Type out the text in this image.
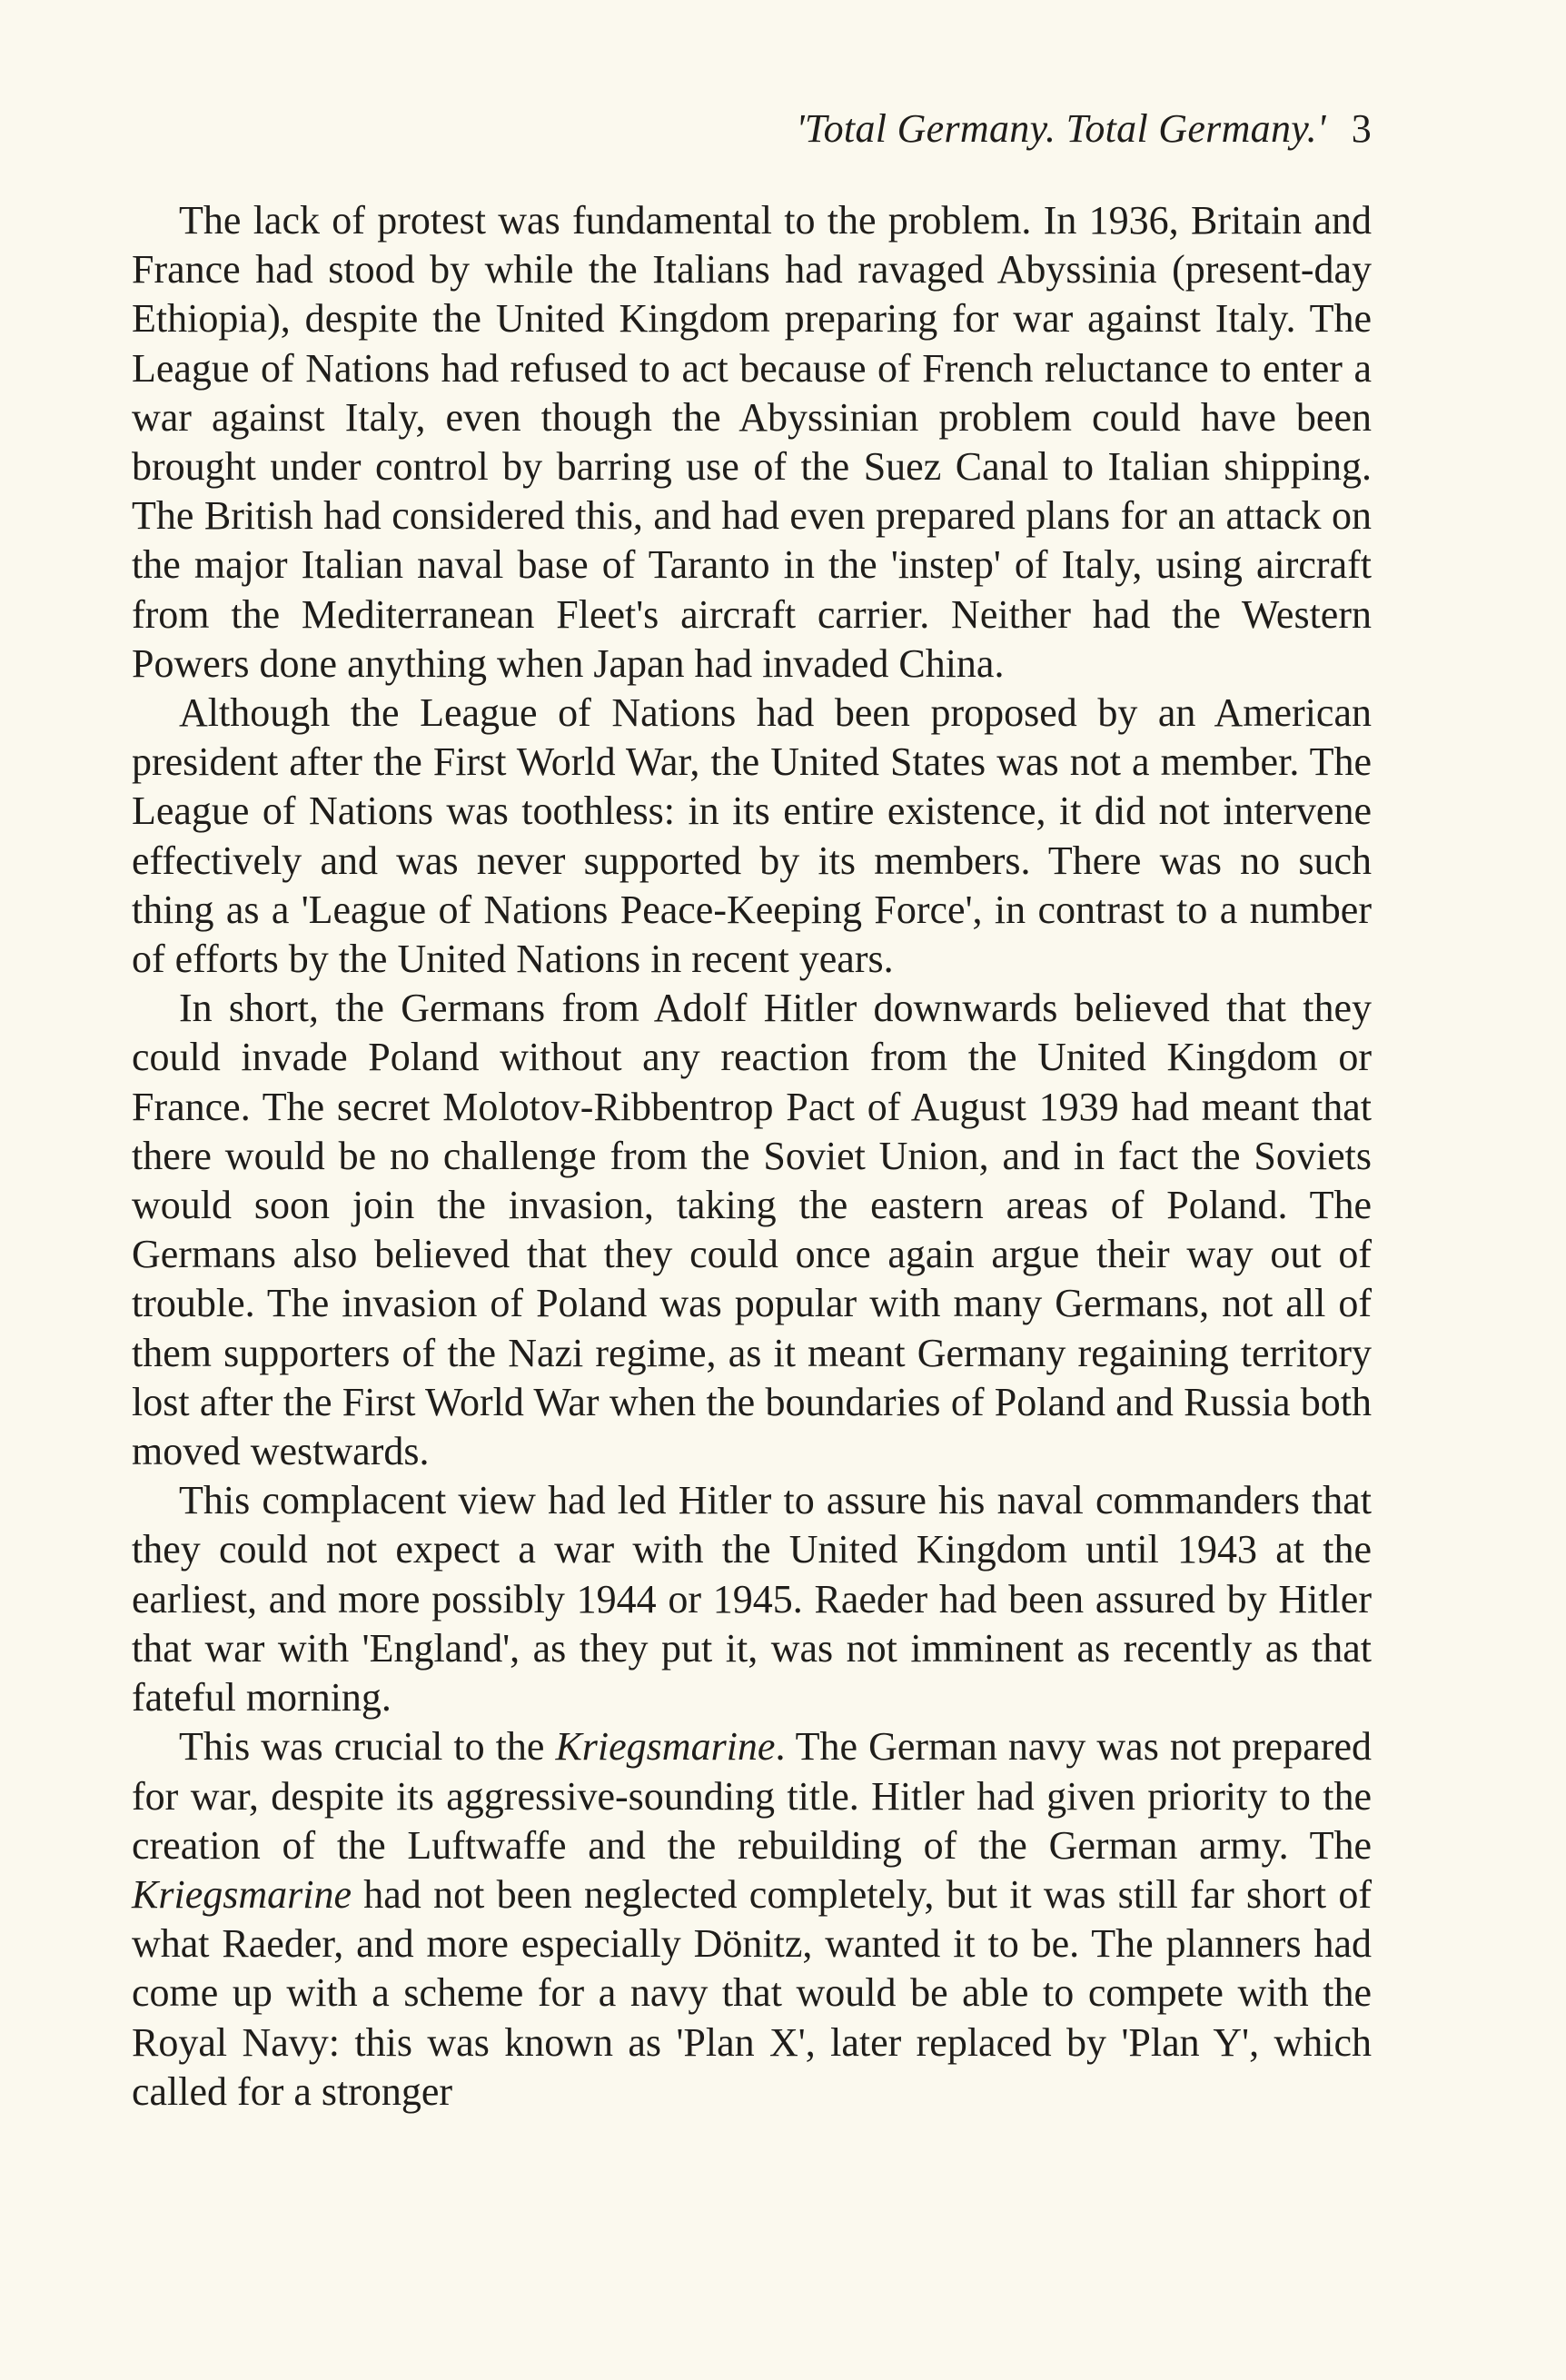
'Total Germany. Total Germany.' 3

The lack of protest was fundamental to the problem. In 1936, Britain and France had stood by while the Italians had ravaged Abyssinia (present-day Ethiopia), despite the United Kingdom preparing for war against Italy. The League of Nations had refused to act because of French reluctance to enter a war against Italy, even though the Abyssinian problem could have been brought under control by barring use of the Suez Canal to Italian shipping. The British had considered this, and had even prepared plans for an attack on the major Italian naval base of Taranto in the 'instep' of Italy, using aircraft from the Mediterranean Fleet's aircraft carrier. Neither had the Western Powers done anything when Japan had invaded China.

Although the League of Nations had been proposed by an American president after the First World War, the United States was not a member. The League of Nations was toothless: in its entire existence, it did not intervene effectively and was never supported by its members. There was no such thing as a 'League of Nations Peace-Keeping Force', in contrast to a number of efforts by the United Nations in recent years.

In short, the Germans from Adolf Hitler downwards believed that they could invade Poland without any reaction from the United Kingdom or France. The secret Molotov-Ribbentrop Pact of August 1939 had meant that there would be no challenge from the Soviet Union, and in fact the Soviets would soon join the invasion, taking the eastern areas of Poland. The Germans also believed that they could once again argue their way out of trouble. The invasion of Poland was popular with many Germans, not all of them supporters of the Nazi regime, as it meant Germany regaining territory lost after the First World War when the boundaries of Poland and Russia both moved westwards.

This complacent view had led Hitler to assure his naval commanders that they could not expect a war with the United Kingdom until 1943 at the earliest, and more possibly 1944 or 1945. Raeder had been assured by Hitler that war with 'England', as they put it, was not imminent as recently as that fateful morning.

This was crucial to the Kriegsmarine. The German navy was not prepared for war, despite its aggressive-sounding title. Hitler had given priority to the creation of the Luftwaffe and the rebuilding of the German army. The Kriegsmarine had not been neglected completely, but it was still far short of what Raeder, and more especially Dönitz, wanted it to be. The planners had come up with a scheme for a navy that would be able to compete with the Royal Navy: this was known as 'Plan X', later replaced by 'Plan Y', which called for a stronger
